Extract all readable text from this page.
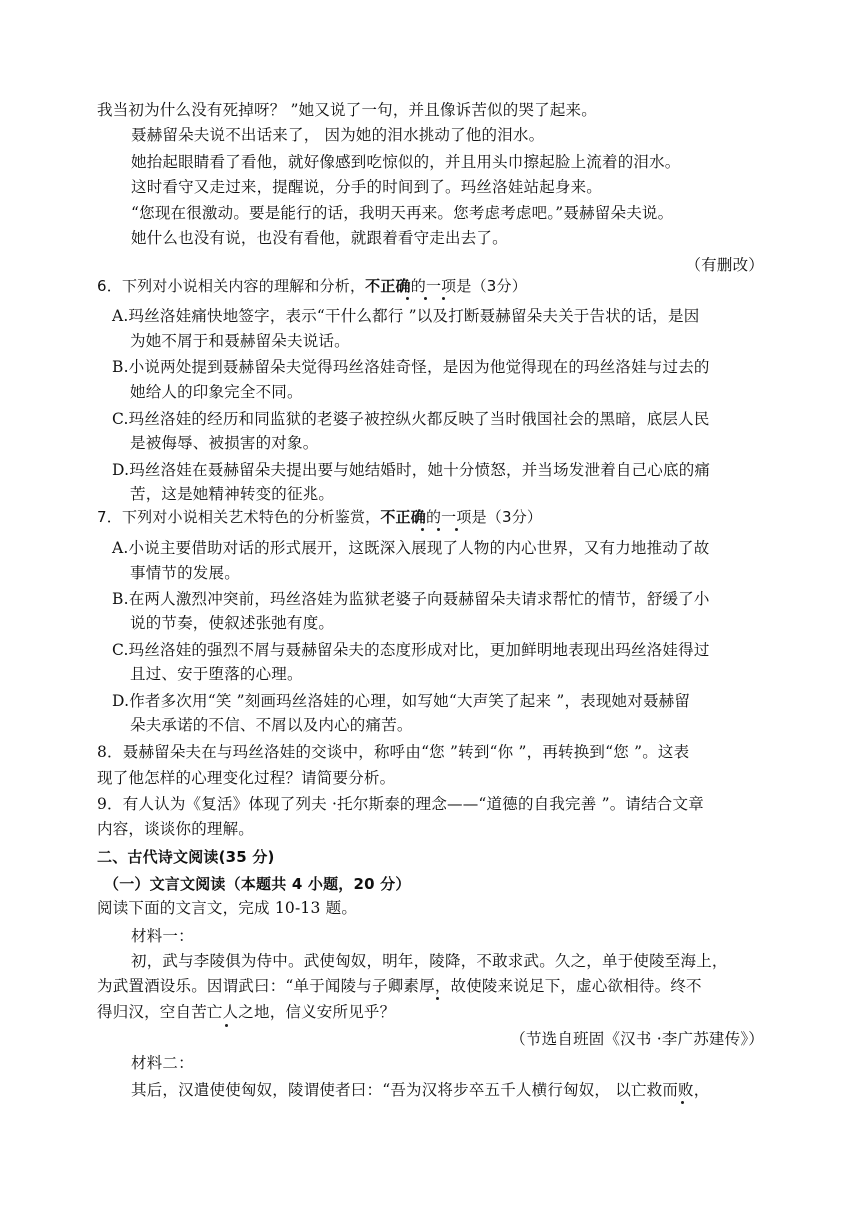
我当初为什么没有死掉呀？ ”她又说了一句，并且像诉苦似的哭了起来。
聂赫留朵夫说不出话来了， 因为她的泪水挑动了他的泪水。
她抬起眼睛看了看他，就好像感到吃惊似的，并且用头巾擦起脸上流着的泪水。
这时看守又走过来，提醒说，分手的时间到了。玛丝洛娃站起身来。
“您现在很激动。要是能行的话，我明天再来。您考虑考虑吧。”聂赫留朵夫说。
她什么也没有说，也没有看他，就跟着看守走出去了。
（有删改）
6．下列对小说相关内容的理解和分析，不正确的一项是（3分）
A.玛丝洛娃痛快地签字，表示“干什么都行 ”以及打断聂赫留朵夫关于告状的话，是因
为她不屑于和聂赫留朵夫说话。
B.小说两处提到聂赫留朵夫觉得玛丝洛娃奇怪，是因为他觉得现在的玛丝洛娃与过去的
她给人的印象完全不同。
C.玛丝洛娃的经历和同监狱的老婆子被控纵火都反映了当时俄国社会的黑暗，底层人民
是被侮辱、被损害的对象。
D.玛丝洛娃在聂赫留朵夫提出要与她结婚时，她十分愤怒，并当场发泄着自己心底的痛
苦，这是她精神转变的征兆。
7．下列对小说相关艺术特色的分析鉴赏，不正确的一项是（3分）
A.小说主要借助对话的形式展开，这既深入展现了人物的内心世界，又有力地推动了故
事情节的发展。
B.在两人激烈冲突前，玛丝洛娃为监狱老婆子向聂赫留朵夫请求帮忙的情节，舒缓了小
说的节奏，使叙述张弛有度。
C.玛丝洛娃的强烈不屑与聂赫留朵夫的态度形成对比，更加鲜明地表现出玛丝洛娃得过
且过、安于堕落的心理。
D.作者多次用“笑 ”刻画玛丝洛娃的心理，如写她“大声笑了起来 ”，表现她对聂赫留
朵夫承诺的不信、不屑以及内心的痛苦。
8．聂赫留朵夫在与玛丝洛娃的交谈中，称呼由“您 ”转到“你 ”，再转换到“您 ”。这表
现了他怎样的心理变化过程？请简要分析。
9．有人认为《复活》体现了列夫 ·托尔斯泰的理念——“道德的自我完善 ”。请结合文章
内容，谈谈你的理解。
二、古代诗文阅读(35 分)
（一）文言文阅读（本题共 4 小题，20 分）
阅读下面的文言文，完成 10-13 题。
材料一：
初，武与李陵俱为侍中。武使匈奴，明年，陵降，不敢求武。久之，单于使陵至海上，
为武置酒设乐。因谓武曰：“单于闻陵与子卿素厚，故使陵来说足下，虚心欲相待。终不
得归汉，空自苦亡人之地，信义安所见乎？
（节选自班固《汉书 ·李广苏建传》）
材料二：
其后，汉遣使使匈奴，陵谓使者曰：“吾为汉将步卒五千人横行匈奴， 以亡救而败，
